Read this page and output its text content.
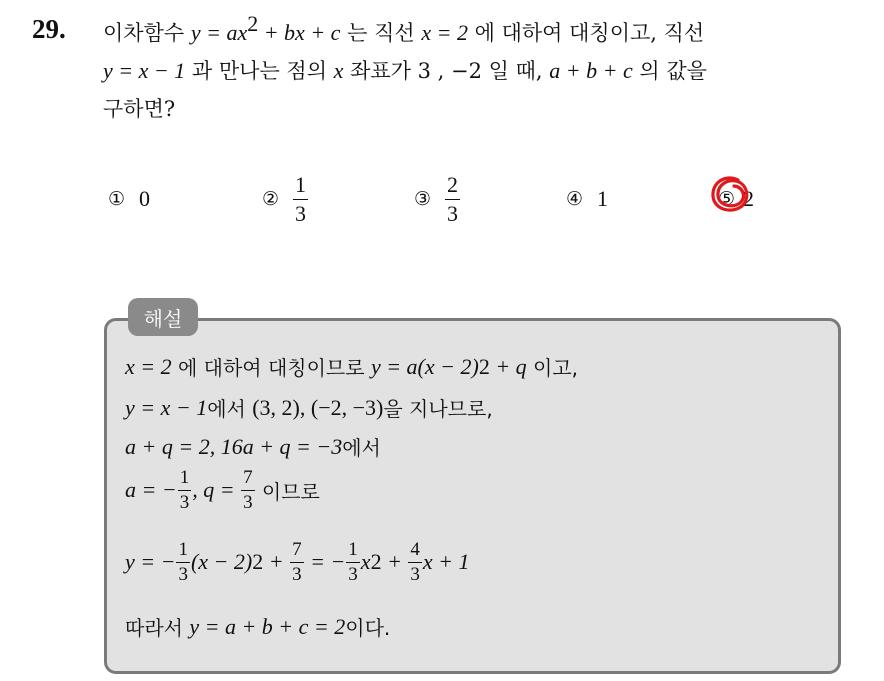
29. 이차함수 $y = ax^2$ + bx + c 는 직선 x = 2 에 대하여 대칭이고, 직선
y = x − 1 과 만나는 점의 x 좌표가 3 , −2 일 때, a + b + c 의 값을
구하면?
① 0	② $\frac{1}{3}$	③ $\frac{2}{3}$	④ 1	⑤ 2
해설
x = 2 에 대하여 대칭이므로 y = a(x − 2) 2 + q 이고,
y = x − 1 에서 (3, 2), (−2, −3) 을 지나므로,
a + q = 2, 16a + q = −3 에서
a = − $\frac{1}{3}$ , $q = \frac{7}{3}$ 이므로
y = − $\frac{1}{3} (x - 2) 2 + \frac{7}{3}$ = − $\frac{1}{3}$ x $2 + \frac{4}{3}$ x + 1
따라서 y = a + b + c = 2 이다.
